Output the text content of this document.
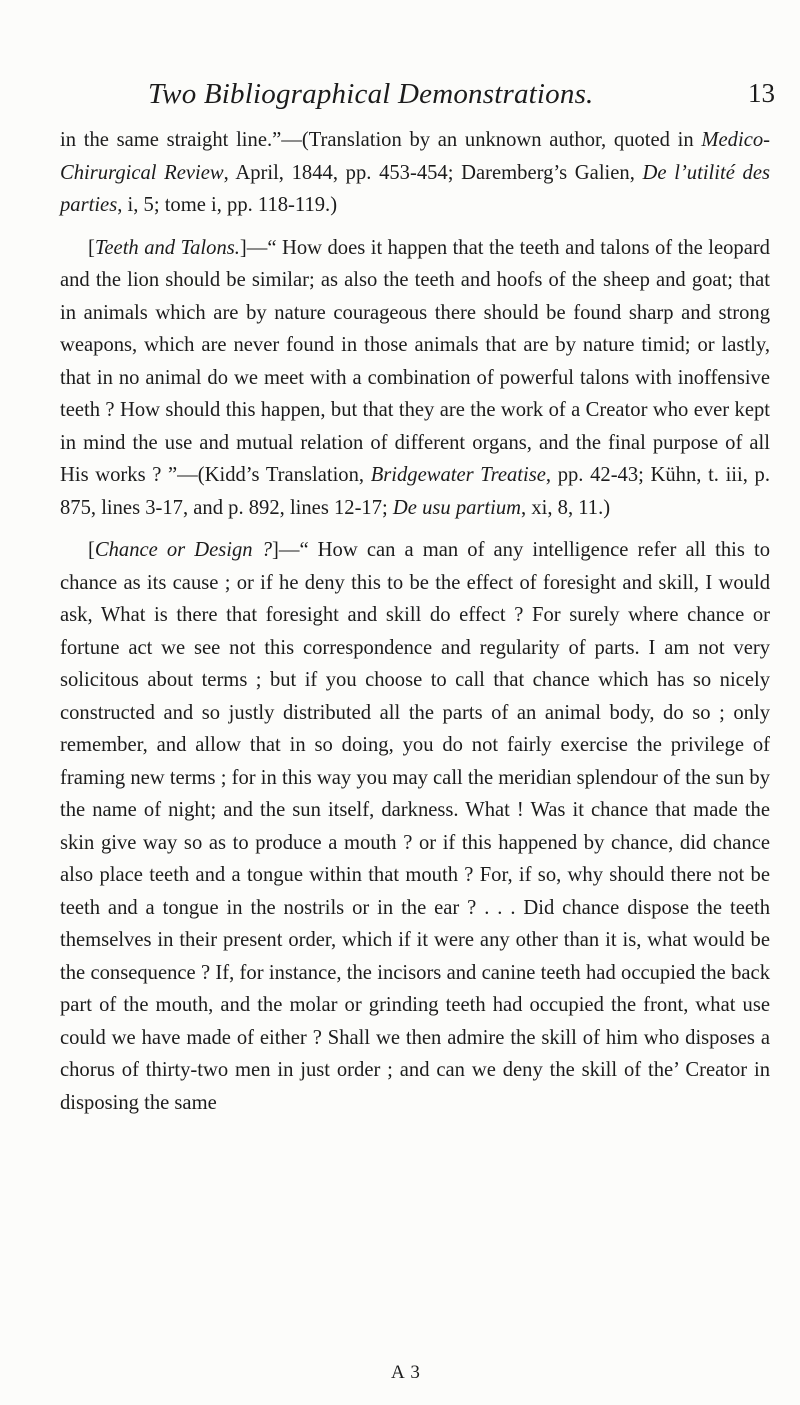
Two Bibliographical Demonstrations.	13

in the same straight line.”—(Translation by an unknown author, quoted in Medico-Chirurgical Review, April, 1844, pp. 453-454; Daremberg’s Galien, De l’utilité des parties, i, 5; tome i, pp. 118-119.)

[Teeth and Talons.]—“ How does it happen that the teeth and talons of the leopard and the lion should be similar; as also the teeth and hoofs of the sheep and goat; that in animals which are by nature courageous there should be found sharp and strong weapons, which are never found in those animals that are by nature timid; or lastly, that in no animal do we meet with a combination of powerful talons with inoffensive teeth ? How should this happen, but that they are the work of a Creator who ever kept in mind the use and mutual relation of different organs, and the final purpose of all His works ? ”—(Kidd’s Translation, Bridgewater Treatise, pp. 42-43; Kühn, t. iii, p. 875, lines 3-17, and p. 892, lines 12-17; De usu partium, xi, 8, 11.)

[Chance or Design ?]—“ How can a man of any intelligence refer all this to chance as its cause ; or if he deny this to be the effect of foresight and skill, I would ask, What is there that foresight and skill do effect ? For surely where chance or fortune act we see not this correspondence and regularity of parts. I am not very solicitous about terms ; but if you choose to call that chance which has so nicely constructed and so justly distributed all the parts of an animal body, do so ; only remember, and allow that in so doing, you do not fairly exercise the privilege of framing new terms ; for in this way you may call the meridian splendour of the sun by the name of night; and the sun itself, darkness. What ! Was it chance that made the skin give way so as to produce a mouth ? or if this happened by chance, did chance also place teeth and a tongue within that mouth ? For, if so, why should there not be teeth and a tongue in the nostrils or in the ear ? . . . Did chance dispose the teeth themselves in their present order, which if it were any other than it is, what would be the consequence ? If, for instance, the incisors and canine teeth had occupied the back part of the mouth, and the molar or grinding teeth had occupied the front, what use could we have made of either ? Shall we then admire the skill of him who disposes a chorus of thirty-two men in just order ; and can we deny the skill of the’ Creator in disposing the same

A 3
